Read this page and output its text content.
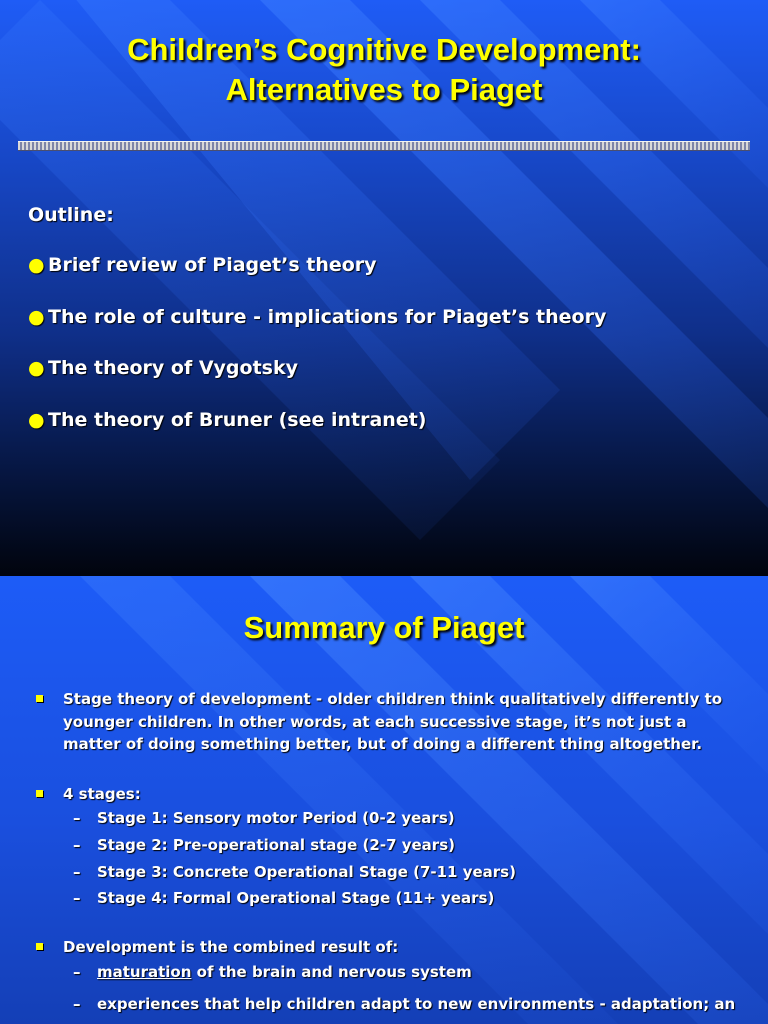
Children’s Cognitive Development:
Alternatives to Piaget
Outline:
● Brief review of Piaget’s theory
● The role of culture - implications for Piaget’s theory
● The theory of Vygotsky
● The theory of Bruner (see intranet)
Summary of Piaget
Stage theory of development - older children think qualitatively differently to
younger children. In other words, at each successive stage, it’s not just a
matter of doing something better, but of doing a different thing altogether.
4 stages:
– Stage 1: Sensory motor Period (0-2 years)
– Stage 2: Pre-operational stage (2-7 years)
– Stage 3: Concrete Operational Stage (7-11 years)
– Stage 4: Formal Operational Stage (11+ years)
Development is the combined result of:
– maturation of the brain and nervous system
– experiences that help children adapt to new environments - adaptation; an
